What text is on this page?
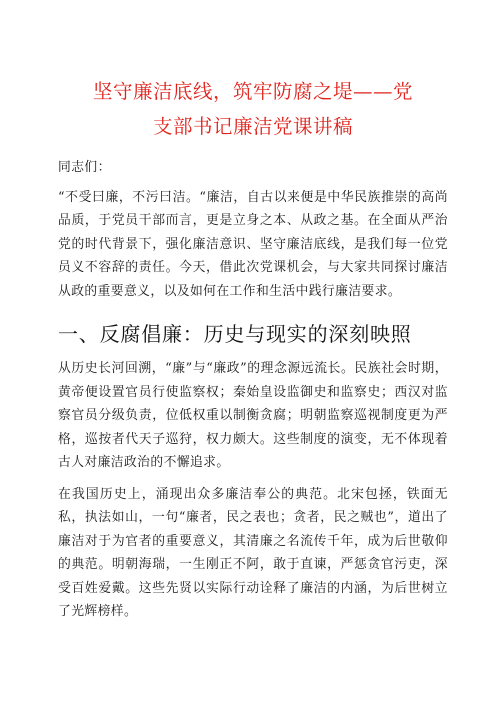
坚守廉洁底线，筑牢防腐之堤——党
支部书记廉洁党课讲稿

同志们：

“不受曰廉，不污曰洁。“廉洁，自古以来便是中华民族推崇的高尚品质，于党员干部而言，更是立身之本、从政之基。在全面从严治党的时代背景下，强化廉洁意识、坚守廉洁底线，是我们每一位党员义不容辞的责任。今天，借此次党课机会，与大家共同探讨廉洁从政的重要意义，以及如何在工作和生活中践行廉洁要求。

一、反腐倡廉：历史与现实的深刻映照

从历史长河回溯，“廉”与“廉政”的理念源远流长。民族社会时期，黄帝便设置官员行使监察权；秦始皇设监御史和监察史；西汉对监察官员分级负责，位低权重以制衡贪腐；明朝监察巡视制度更为严格，巡按者代天子巡狩，权力颇大。这些制度的演变，无不体现着古人对廉洁政治的不懈追求。

在我国历史上，涌现出众多廉洁奉公的典范。北宋包拯，铁面无私，执法如山，一句“廉者，民之表也；贪者，民之贼也”，道出了廉洁对于为官者的重要意义，其清廉之名流传千年，成为后世敬仰的典范。明朝海瑞，一生刚正不阿，敢于直谏，严惩贪官污吏，深受百姓爱戴。这些先贤以实际行动诠释了廉洁的内涵，为后世树立了光辉榜样。
